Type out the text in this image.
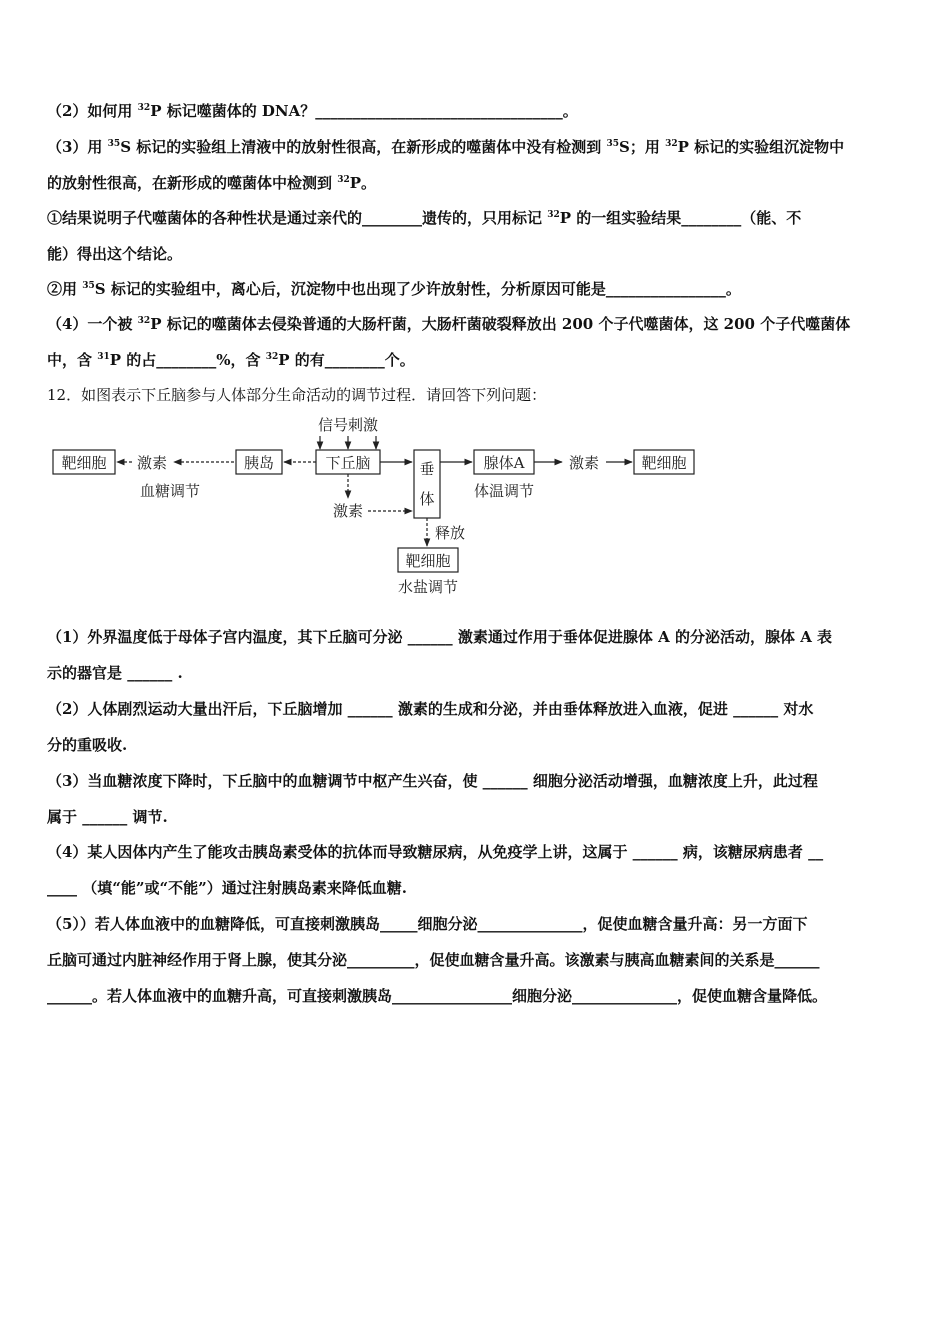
（2）如何用 $^{32}$P 标记噬菌体的 DNA？_________________________________。
（3）用 $^{35}$S 标记的实验组上清液中的放射性很高，在新形成的噬菌体中没有检测到 $^{35}$S；用 $^{32}$P 标记的实验组沉淀物中
的放射性很高，在新形成的噬菌体中检测到 $^{32}$P。
①结果说明子代噬菌体的各种性状是通过亲代的________遗传的，只用标记 $^{32}$P 的一组实验结果________（能、不
能）得出这个结论。
②用 $^{35}$S 标记的实验组中，离心后，沉淀物中也出现了少许放射性，分析原因可能是________________。
（4）一个被 $^{32}$P 标记的噬菌体去侵染普通的大肠杆菌，大肠杆菌破裂释放出 200 个子代噬菌体，这 200 个子代噬菌体
中，含 $^{31}$P 的占________%，含 $^{32}$P 的有________个。
12．如图表示下丘脑参与人体部分生命活动的调节过程．请回答下列问题：
靶细胞	胰岛	下丘脑	垂
体
腺体A	靶细胞
靶细胞
激素
信号刺激
激素
血糖调节	体温调节
激素
释放
水盐调节
（1）外界温度低于母体子宫内温度，其下丘脑可分泌 ______ 激素通过作用于垂体促进腺体 A 的分泌活动，腺体 A 表
示的器官是 ______ .
（2）人体剧烈运动大量出汗后，下丘脑增加 ______ 激素的生成和分泌，并由垂体释放进入血液，促进 ______ 对水
分的重吸收.
（3）当血糖浓度下降时，下丘脑中的血糖调节中枢产生兴奋，使 ______ 细胞分泌活动增强，血糖浓度上升，此过程
属于 ______ 调节.
（4）某人因体内产生了能攻击胰岛素受体的抗体而导致糖尿病，从免疫学上讲，这属于 ______ 病，该糖尿病患者 __
____ （填“能”或“不能”）通过注射胰岛素来降低血糖.
（5））若人体血液中的血糖降低，可直接刺激胰岛_____细胞分泌______________，促使血糖含量升高：另一方面下
丘脑可通过内脏神经作用于肾上腺，使其分泌_________，促使血糖含量升高。该激素与胰高血糖素间的关系是______
______。若人体血液中的血糖升高，可直接刺激胰岛________________细胞分泌______________，促使血糖含量降低。
